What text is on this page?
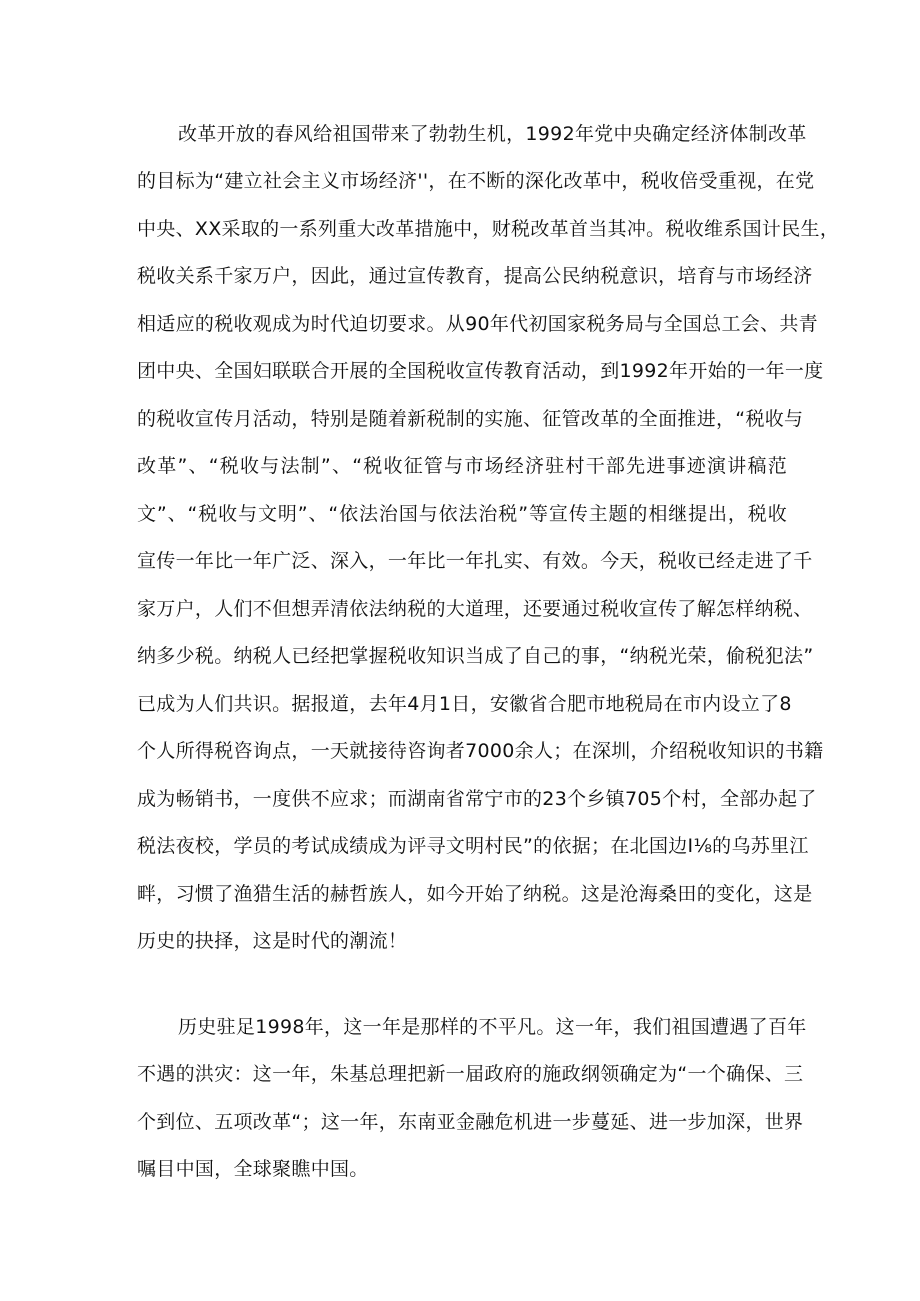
改革开放的春风给祖国带来了勃勃生机，1992年党中央确定经济体制改革
的目标为“建立社会主义市场经济''，在不断的深化改革中，税收倍受重视，在党
中央、XX采取的一系列重大改革措施中，财税改革首当其冲。税收维系国计民生，
税收关系千家万户，因此，通过宣传教育，提高公民纳税意识，培育与市场经济
相适应的税收观成为时代迫切要求。从90年代初国家税务局与全国总工会、共青
团中央、全国妇联联合开展的全国税收宣传教育活动，到1992年开始的一年一度
的税收宣传月活动，特别是随着新税制的实施、征管改革的全面推进，“税收与
改革”、“税收与法制”、“税收征管与市场经济驻村干部先进事迹演讲稿范
文”、“税收与文明”、“依法治国与依法治税”等宣传主题的相继提出，税收
宣传一年比一年广泛、深入，一年比一年扎实、有效。今天，税收已经走进了千
家万户，人们不但想弄清依法纳税的大道理，还要通过税收宣传了解怎样纳税、
纳多少税。纳税人已经把掌握税收知识当成了自己的事，“纳税光荣，偷税犯法”
已成为人们共识。据报道，去年4月1日，安徽省合肥市地税局在市内设立了8
个人所得税咨询点，一天就接待咨询者7000余人；在深圳，介绍税收知识的书籍
成为畅销书，一度供不应求；而湖南省常宁市的23个乡镇705个村，全部办起了
税法夜校，学员的考试成绩成为评寻文明村民”的依据；在北国边I⅛的乌苏里江
畔，习惯了渔猎生活的赫哲族人，如今开始了纳税。这是沧海桑田的变化，这是
历史的抉择，这是时代的潮流！
历史驻足1998年，这一年是那样的不平凡。这一年，我们祖国遭遇了百年
不遇的洪灾：这一年，朱基总理把新一届政府的施政纲领确定为“一个确保、三
个到位、五项改革“；这一年，东南亚金融危机进一步蔓延、进一步加深，世界
嘱目中国，全球聚瞧中国。
